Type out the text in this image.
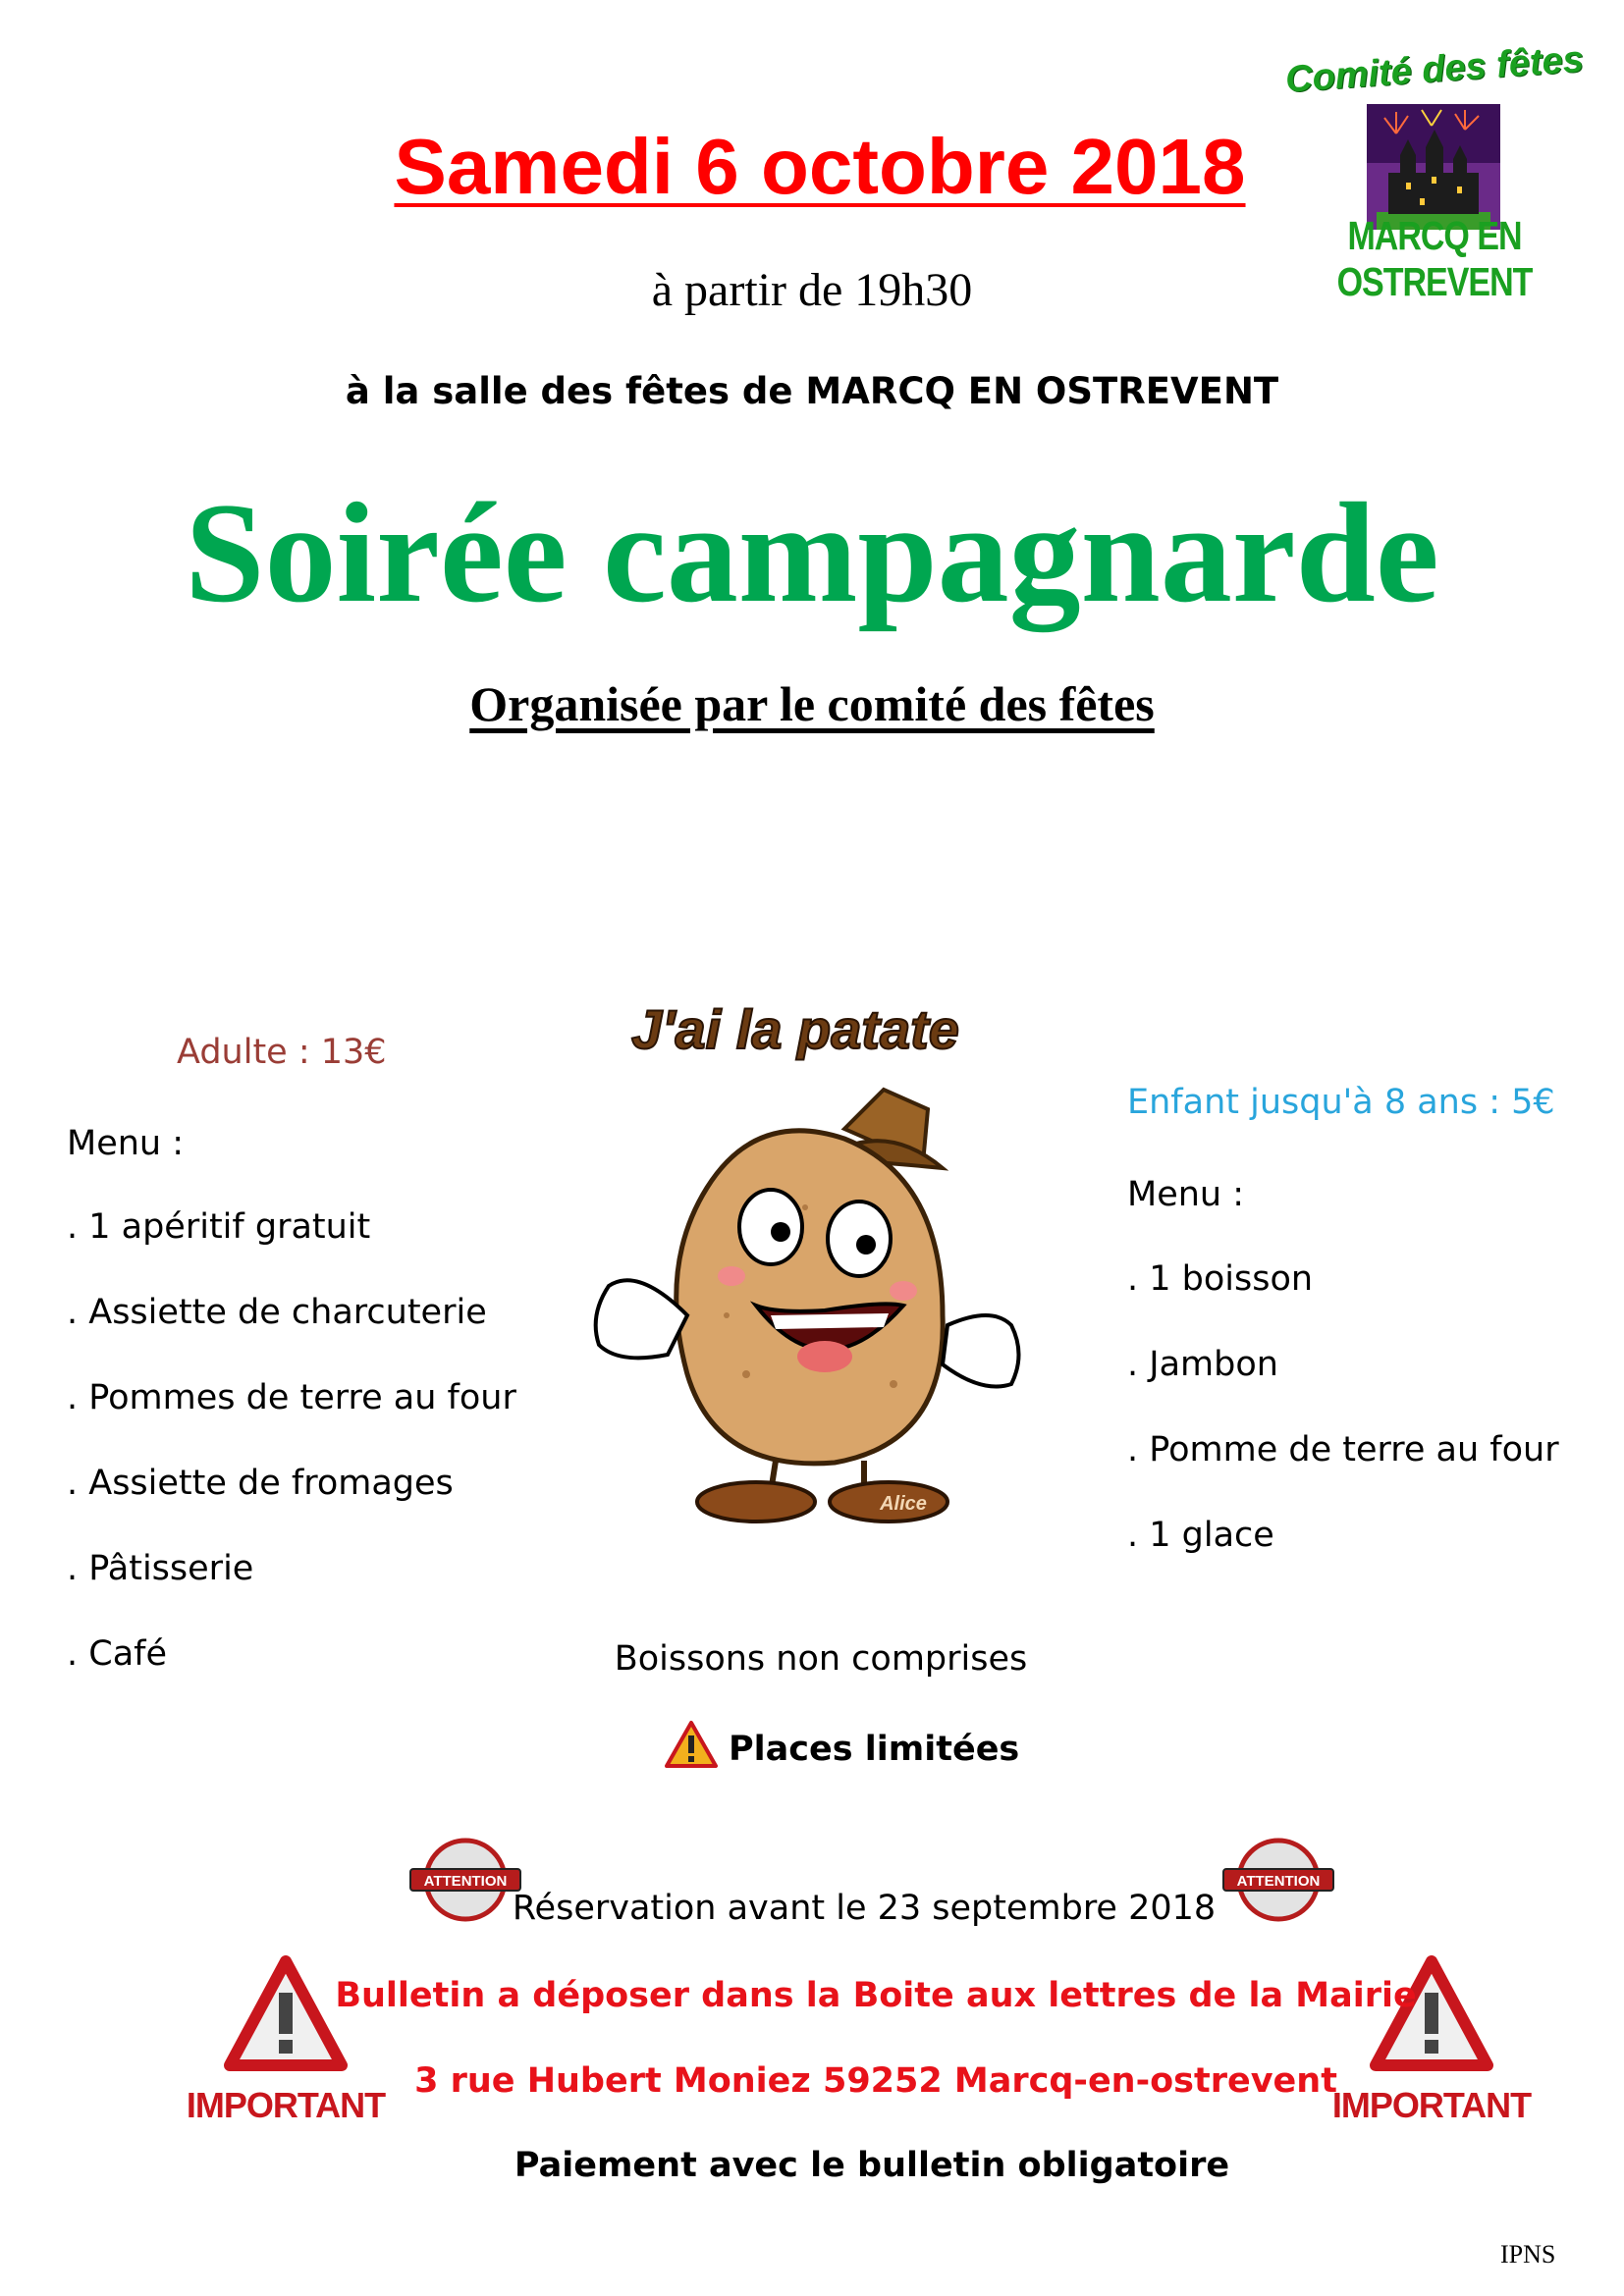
Samedi 6 octobre 2018
à partir de 19h30
à la salle des fêtes de MARCQ EN OSTREVENT
Soirée campagnarde
Organisée par le comité des fêtes
Comité des fêtes
MARCQ EN OSTREVENT
Adulte : 13€
Menu :
. 1 apéritif gratuit
. Assiette de charcuterie
. Pommes de terre au four
. Assiette de fromages
. Pâtisserie
. Café
Enfant jusqu'à 8 ans : 5€
Menu :
. 1 boisson
. Jambon
. Pomme de terre au four
. 1 glace
J'ai la patate
Alice
Boissons non comprises
Places limitées
ATTENTION	ATTENTION
Réservation avant le 23 septembre 2018
IMPORTANT	IMPORTANT
Bulletin a déposer dans la Boite aux lettres de la Mairie
3 rue Hubert Moniez 59252 Marcq-en-ostrevent
Paiement avec le bulletin obligatoire
IPNS
